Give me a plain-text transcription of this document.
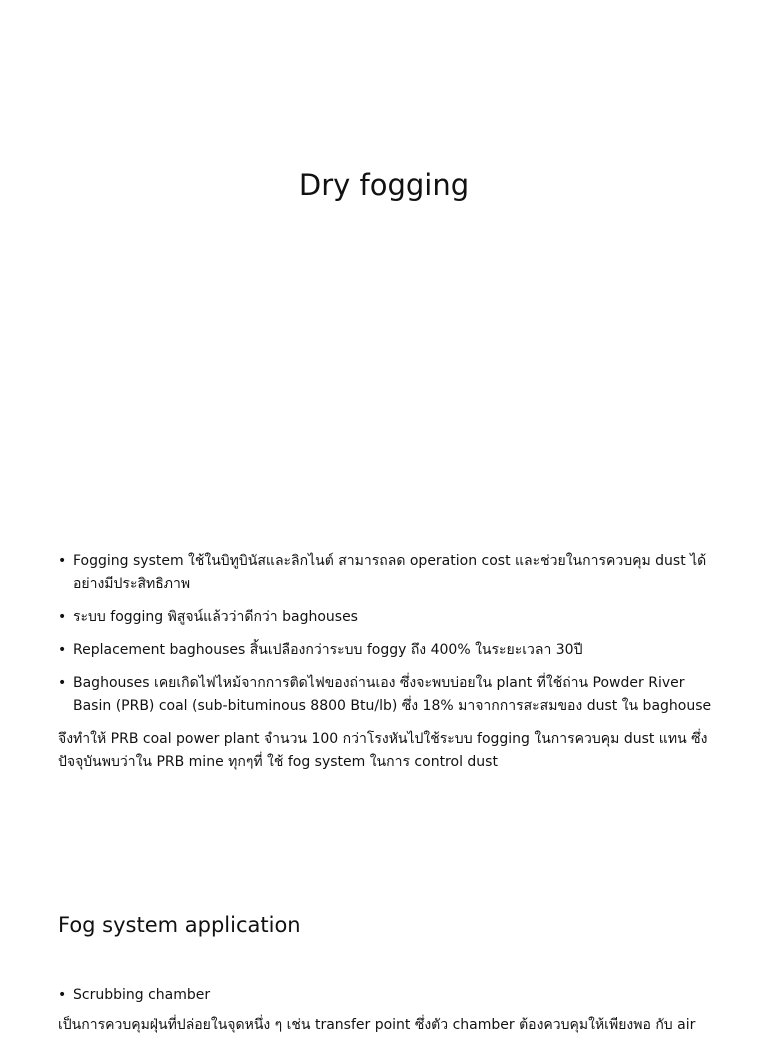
Dry fogging
• Fogging system ใช้ในบิทูบินัสและลิกไนต์ สามารถลด operation cost และช่วยในการควบคุม dust ได้อย่างมีประสิทธิภาพ
• ระบบ fogging พิสูจน์แล้วว่าดีกว่า baghouses
• Replacement baghouses สิ้นเปลืองกว่าระบบ foggy ถึง 400% ในระยะเวลา 30ปี
• Baghouses เคยเกิดไฟไหม้จากการติดไฟของถ่านเอง ซึ่งจะพบบ่อยใน plant ที่ใช้ถ่าน Powder River Basin (PRB) coal (sub-bituminous 8800 Btu/lb) ซึ่ง 18% มาจากการสะสมของ dust ใน baghouse

จึงทำให้ PRB coal power plant จำนวน 100 กว่าโรงหันไปใช้ระบบ fogging ในการควบคุม dust แทน ซึ่งปัจจุบันพบว่าใน PRB mine ทุกๆที่ ใช้ fog system ในการ control dust

Fog system application
• Scrubbing chamber
เป็นการควบคุมฝุ่นที่ปล่อยในจุดหนึ่ง ๆ เช่น transfer point ซึ่งตัว chamber ต้องควบคุมให้เพียงพอ กับ air
